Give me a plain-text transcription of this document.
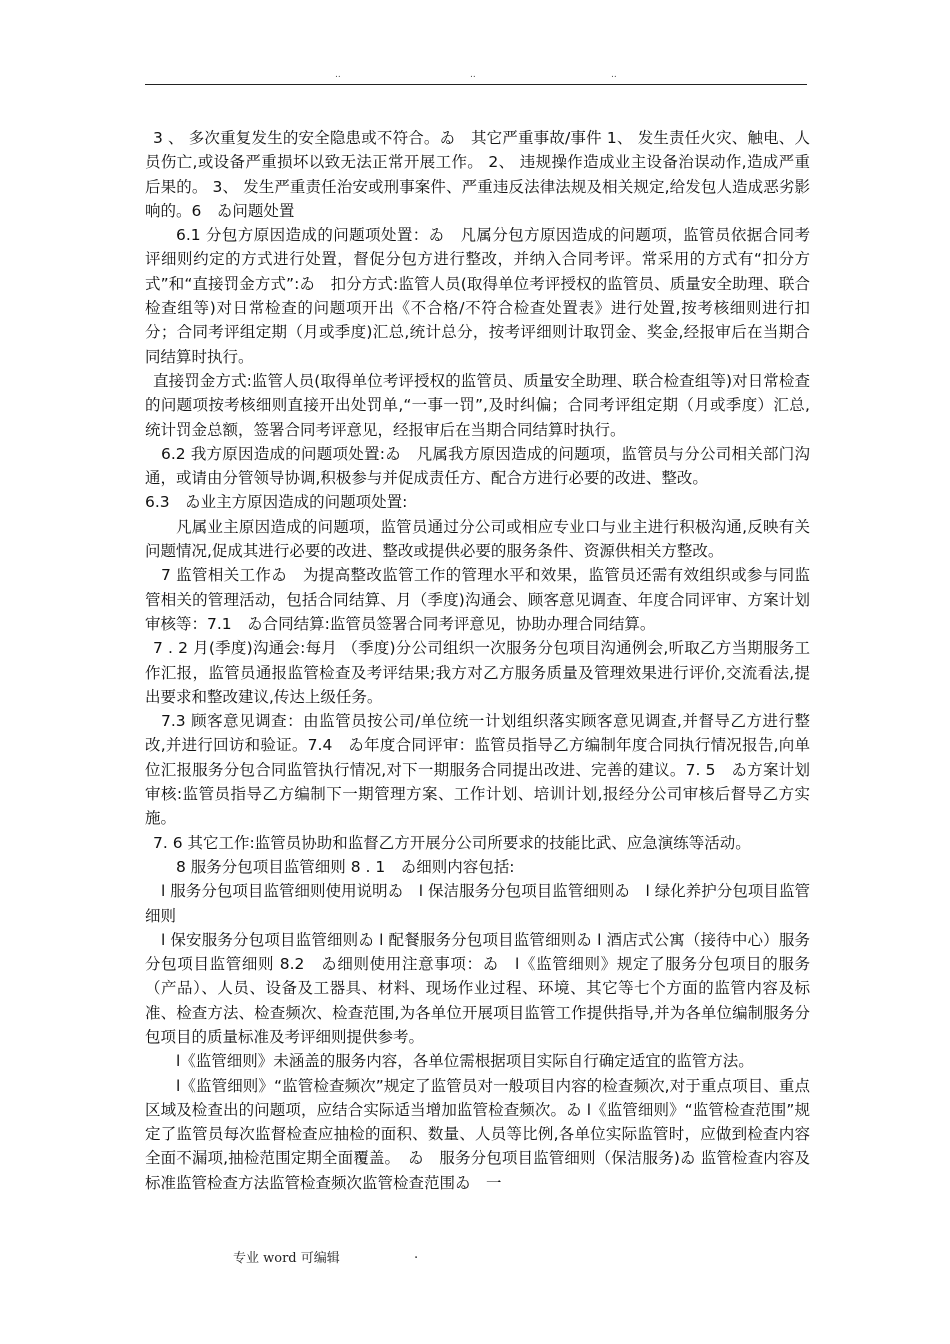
..	..	..

3 、 多次重复发生的安全隐患或不符合。ゐ　其它严重事故/事件 1、 发生责任火灾、触电、人员伤亡,或设备严重损坏以致无法正常开展工作。 2、 违规操作造成业主设备治误动作,造成严重后果的。 3、 发生严重责任治安或刑事案件、严重违反法律法规及相关规定,给发包人造成恶劣影响的。6　ゐ问题处置

6.1 分包方原因造成的问题项处置：ゐ　凡属分包方原因造成的问题项，监管员依据合同考评细则约定的方式进行处置，督促分包方进行整改，并纳入合同考评。常采用的方式有“扣分方式”和“直接罚金方式”:ゐ　扣分方式:监管人员(取得单位考评授权的监管员、质量安全助理、联合检查组等)对日常检查的问题项开出《不合格/不符合检查处置表》进行处置,按考核细则进行扣分；合同考评组定期（月或季度)汇总,统计总分，按考评细则计取罚金、奖金,经报审后在当期合同结算时执行。

直接罚金方式:监管人员(取得单位考评授权的监管员、质量安全助理、联合检查组等)对日常检查的问题项按考核细则直接开出处罚单,“一事一罚”,及时纠偏；合同考评组定期（月或季度）汇总,统计罚金总额，签署合同考评意见，经报审后在当期合同结算时执行。

6.2 我方原因造成的问题项处置:ゐ　凡属我方原因造成的问题项，监管员与分公司相关部门沟通，或请由分管领导协调,积极参与并促成责任方、配合方进行必要的改进、整改。

6.3　ゐ业主方原因造成的问题项处置:

凡属业主原因造成的问题项，监管员通过分公司或相应专业口与业主进行积极沟通,反映有关问题情况,促成其进行必要的改进、整改或提供必要的服务条件、资源供相关方整改。

7 监管相关工作ゐ　为提高整改监管工作的管理水平和效果，监管员还需有效组织或参与同监管相关的管理活动，包括合同结算、月（季度)沟通会、顾客意见调查、年度合同评审、方案计划审核等：7.1　ゐ合同结算:监管员签署合同考评意见，协助办理合同结算。

7 . 2 月(季度)沟通会:每月 （季度)分公司组织一次服务分包项目沟通例会,听取乙方当期服务工作汇报，监管员通报监管检查及考评结果;我方对乙方服务质量及管理效果进行评价,交流看法,提出要求和整改建议,传达上级任务。

7.3 顾客意见调查：由监管员按公司/单位统一计划组织落实顾客意见调查,并督导乙方进行整改,并进行回访和验证。7.4　ゐ年度合同评审：监管员指导乙方编制年度合同执行情况报告,向单位汇报服务分包合同监管执行情况,对下一期服务合同提出改进、完善的建议。7. 5　ゐ方案计划审核:监管员指导乙方编制下一期管理方案、工作计划、培训计划,报经分公司审核后督导乙方实施。

7. 6 其它工作:监管员协助和监督乙方开展分公司所要求的技能比武、应急演练等活动。

8 服务分包项目监管细则 8 . 1　ゐ细则内容包括:

l 服务分包项目监管细则使用说明ゐ　l 保洁服务分包项目监管细则ゐ　l 绿化养护分包项目监管细则

l 保安服务分包项目监管细则ゐ l 配餐服务分包项目监管细则ゐ l 酒店式公寓（接待中心）服务分包项目监管细则 8.2　ゐ细则使用注意事项：ゐ　l《监管细则》规定了服务分包项目的服务（产品）、人员、设备及工器具、材料、现场作业过程、环境、其它等七个方面的监管内容及标准、检查方法、检查频次、检查范围,为各单位开展项目监管工作提供指导,并为各单位编制服务分包项目的质量标准及考评细则提供参考。

l《监管细则》未涵盖的服务内容，各单位需根据项目实际自行确定适宜的监管方法。

l《监管细则》“监管检查频次”规定了监管员对一般项目内容的检查频次,对于重点项目、重点区域及检查出的问题项，应结合实际适当增加监管检查频次。ゐ l《监管细则》“监管检查范围”规定了监管员每次监督检查应抽检的面积、数量、人员等比例,各单位实际监管时，应做到检查内容全面不漏项,抽检范围定期全面覆盖。　ゐ　服务分包项目监管细则（保洁服务)ゐ 监管检查内容及标准监管检查方法监管检查频次监管检查范围ゐ　一

专业 word 可编辑	.
